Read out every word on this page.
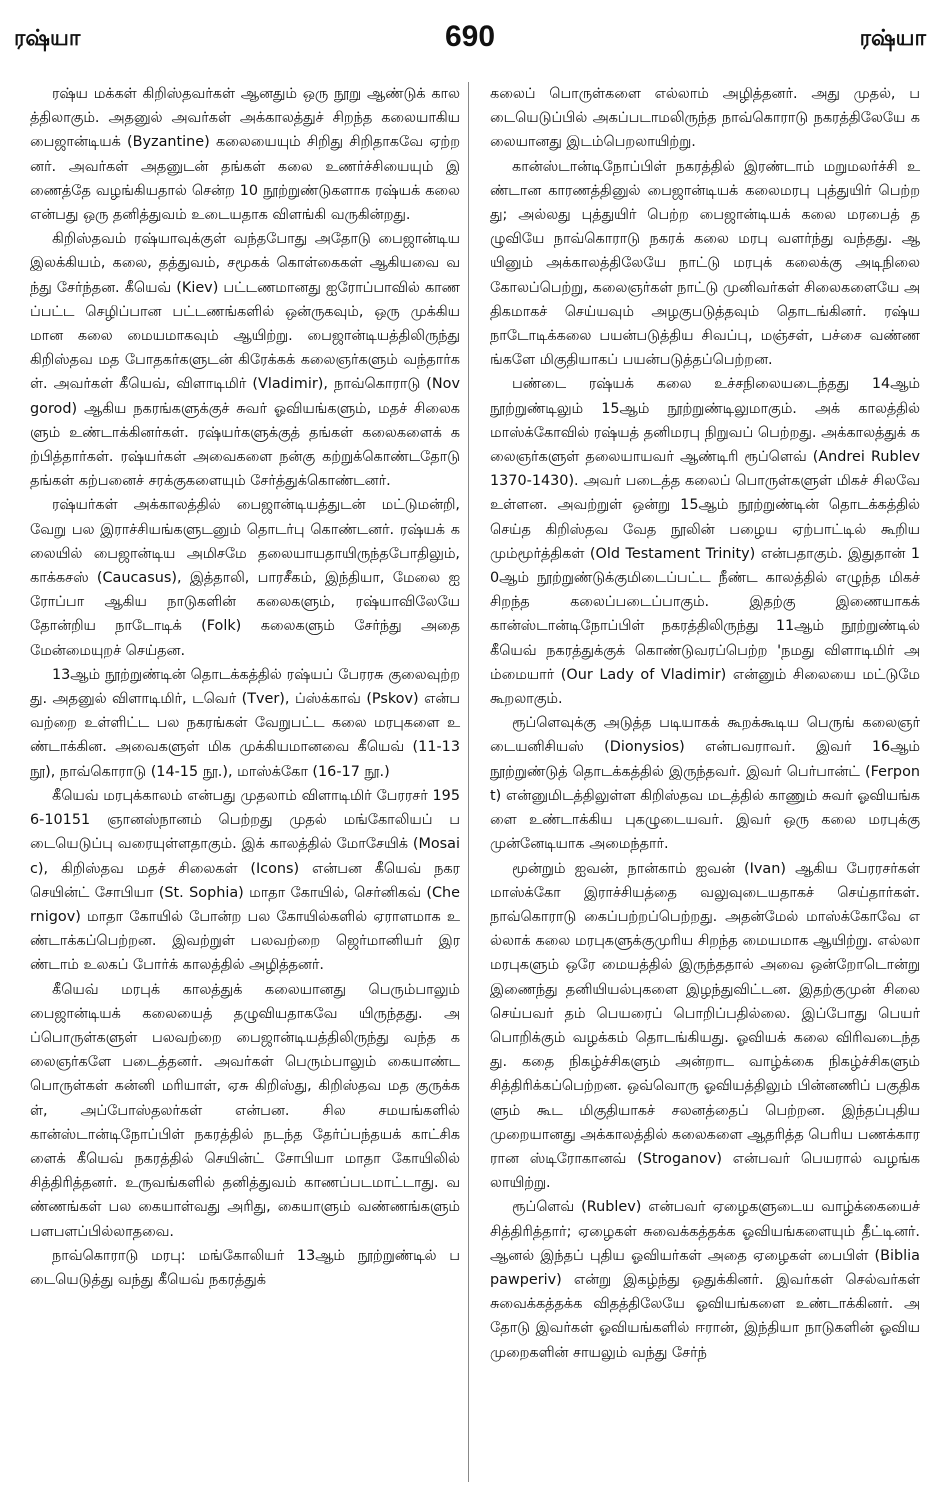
ரஷ்யா	690	ரஷ்யா

ரஷ்ய மக்கள் கிறிஸ்தவர்கள் ஆனதும் ஒரு நூறு ஆண்டுக் காலத்திலாகும். அதனுல் அவர்கள் அக்காலத்துச் சிறந்த கலையாகிய பைஜான்டியக் (Byzantine) கலையையும் சிறிது சிறிதாகவே ஏற்றனர். அவர்கள் அதனுடன் தங்கள் கலை உணர்ச்சியையும் இணைத்தே வழங்கியதால் சென்ற 10 நூற்றுண்டுகளாக ரஷ்யக் கலை என்பது ஒரு தனித்துவம் உடையதாக விளங்கி வருகின்றது.

கிறிஸ்தவம் ரஷ்யாவுக்குள் வந்தபோது அதோடு பைஜான்டிய இலக்கியம், கலை, தத்துவம், சமூகக் கொள்கைகள் ஆகியவை வந்து சேர்ந்தன. கீயெவ் (Kiev) பட்டணமானது ஐரோப்பாவில் காணப்பட்ட செழிப்பான பட்டணங்களில் ஒன்ருகவும், ஒரு முக்கியமான கலை மையமாகவும் ஆயிற்று. பைஜான்டியத்திலிருந்து கிறிஸ்தவ மத போதகர்களுடன் கிரேக்கக் கலைஞர்களும் வந்தார்கள். அவர்கள் கீயெவ், விளாடிமிர் (Vladimir), நாவ்கொராடு (Novgorod) ஆகிய நகரங்களுக்குச் சுவர் ஓவியங்களும், மதச் சிலைகளும் உண்டாக்கினர்கள். ரஷ்யர்களுக்குத் தங்கள் கலைகளைக் கற்பித்தார்கள். ரஷ்யர்கள் அவைகளை நன்கு கற்றுக்கொண்டதோடு தங்கள் கற்பனைச் சரக்குகளையும் சேர்த்துக்கொண்டனர்.

ரஷ்யர்கள் அக்காலத்தில் பைஜான்டியத்துடன் மட்டுமன்றி, வேறு பல இராச்சியங்களுடனும் தொடர்பு கொண்டனர். ரஷ்யக் கலையில் பைஜான்டிய அமிசமே தலையாயதாயிருந்தபோதிலும், காக்கசஸ் (Caucasus), இத்தாலி, பாரசீகம், இந்தியா, மேலை ஐரோப்பா ஆகிய நாடுகளின் கலைகளும், ரஷ்யாவிலேயே தோன்றிய நாடோடிக் (Folk) கலைகளும் சேர்ந்து அதை மேன்மையுறச் செய்தன.

13ஆம் நூற்றுண்டின் தொடக்கத்தில் ரஷ்யப் பேரரசு குலைவுற்றது. அதனுல் விளாடிமிர், டவெர் (Tver), ப்ஸ்க்காவ் (Pskov) என்பவற்றை உள்ளிட்ட பல நகரங்கள் வேறுபட்ட கலை மரபுகளை உண்டாக்கின. அவைகளுள் மிக முக்கியமானவை கீயெவ் (11-13 நூ), நாவ்கொராடு (14-15 நூ.), மாஸ்க்கோ (16-17 நூ.)

கீயெவ் மரபுக்காலம் என்பது முதலாம் விளாடிமிர் பேரரசர் 1956-10151 ஞானஸ்நானம் பெற்றது முதல் மங்கோலியப் படையெடுப்பு வரையுள்ளதாகும். இக் காலத்தில் மோசேயிக் (Mosaic), கிறிஸ்தவ மதச் சிலைகள் (Icons) என்பன கீயெவ் நகர செயின்ட் சோபியா (St. Sophia) மாதா கோயில், செர்னிகவ் (Chernigov) மாதா கோயில் போன்ற பல கோயில்களில் ஏராளமாக உண்டாக்கப்பெற்றன. இவற்றுள் பலவற்றை ஜெர்மானியர் இரண்டாம் உலகப் போர்க் காலத்தில் அழித்தனர்.

கீயெவ் மரபுக் காலத்துக் கலையானது பெரும்பாலும் பைஜான்டியக் கலையைத் தழுவியதாகவே யிருந்தது. அப்பொருள்களுள் பலவற்றை பைஜான்டியத்திலிருந்து வந்த கலைஞர்களே படைத்தனர். அவர்கள் பெரும்பாலும் கையாண்ட பொருள்கள் கன்னி மரியாள், ஏசு கிறிஸ்து, கிறிஸ்தவ மத குருக்கள், அப்போஸ்தலர்கள் என்பன. சில சமயங்களில் கான்ஸ்டான்டிநோப்பிள் நகரத்தில் நடந்த தேர்ப்பந்தயக் காட்சிகளைக் கீயெவ் நகரத்தில் செயின்ட் சோபியா மாதா கோயிலில் சித்திரித்தனர். உருவங்களில் தனித்துவம் காணப்படமாட்டாது. வண்ணங்கள் பல கையாள்வது அரிது, கையாளும் வண்ணங்களும் பளபளப்பில்லாதவை.

நாவ்கொராடு மரபு: மங்கோலியர் 13ஆம் நூற்றுண்டில் படையெடுத்து வந்து கீயெவ் நகரத்துக்

கலைப் பொருள்களை எல்லாம் அழித்தனர். அது முதல், படையெடுப்பில் அகப்படாமலிருந்த நாவ்கொராடு நகரத்திலேயே கலையானது இடம்பெறலாயிற்று.

கான்ஸ்டான்டிநோப்பிள் நகரத்தில் இரண்டாம் மறுமலர்ச்சி உண்டான காரணத்தினுல் பைஜான்டியக் கலைமரபு புத்துயிர் பெற்றது; அல்லது புத்துயிர் பெற்ற பைஜான்டியக் கலை மரபைத் தழுவியே நாவ்கொராடு நகரக் கலை மரபு வளர்ந்து வந்தது. ஆயினும் அக்காலத்திலேயே நாட்டு மரபுக் கலைக்கு அடிநிலை கோலப்பெற்று, கலைஞர்கள் நாட்டு முனிவர்கள் சிலைகளையே அதிகமாகச் செய்யவும் அழகுபடுத்தவும் தொடங்கினர். ரஷ்ய நாடோடிக்கலை பயன்படுத்திய சிவப்பு, மஞ்சள், பச்சை வண்ணங்களே மிகுதியாகப் பயன்படுத்தப்பெற்றன.

பண்டை ரஷ்யக் கலை உச்சநிலையடைந்தது 14ஆம் நூற்றுண்டிலும் 15ஆம் நூற்றுண்டிலுமாகும். அக் காலத்தில் மாஸ்க்கோவில் ரஷ்யத் தனிமரபு நிறுவப் பெற்றது. அக்காலத்துக் கலைஞர்களுள் தலையாயவர் ஆண்டிரி ரூப்ளெவ் (Andrei Rublev 1370-1430). அவர் படைத்த கலைப் பொருள்களுள் மிகச் சிலவே உள்ளன. அவற்றுள் ஒன்று 15ஆம் நூற்றுண்டின் தொடக்கத்தில் செய்த கிறிஸ்தவ வேத நூலின் பழைய ஏற்பாட்டில் கூறிய மும்மூர்த்திகள் (Old Testament Trinity) என்பதாகும். இதுதான் 10ஆம் நூற்றுண்டுக்குமிடைப்பட்ட நீண்ட காலத்தில் எழுந்த மிகச் சிறந்த கலைப்படைப்பாகும். இதற்கு இணையாகக் கான்ஸ்டான்டிநோப்பிள் நகரத்திலிருந்து 11ஆம் நூற்றுண்டில் கீயெவ் நகரத்துக்குக் கொண்டுவரப்பெற்ற 'நமது விளாடிமிர் அம்மையார் (Our Lady of Vladimir) என்னும் சிலையை மட்டுமே கூறலாகும்.

ரூப்ளெவுக்கு அடுத்த படியாகக் கூறக்கூடிய பெருங் கலைஞர் டையனிசியஸ் (Dionysios) என்பவராவர். இவர் 16ஆம் நூற்றுண்டுத் தொடக்கத்தில் இருந்தவர். இவர் பெர்பான்ட் (Ferpont) என்னுமிடத்திலுள்ள கிறிஸ்தவ மடத்தில் காணும் சுவர் ஓவியங்களை உண்டாக்கிய புகழுடையவர். இவர் ஒரு கலை மரபுக்கு முன்னேடியாக அமைந்தார்.

மூன்றும் ஐவன், நான்காம் ஐவன் (Ivan) ஆகிய பேரரசர்கள் மாஸ்க்கோ இராச்சியத்தை வலுவுடையதாகச் செய்தார்கள். நாவ்கொராடு கைப்பற்றப்பெற்றது. அதன்மேல் மாஸ்க்கோவே எல்லாக் கலை மரபுகளுக்குமுரிய சிறந்த மையமாக ஆயிற்று. எல்லா மரபுகளும் ஒரே மையத்தில் இருந்ததால் அவை ஒன்றோடொன்று இணைந்து தனியியல்புகளை இழந்துவிட்டன. இதற்குமுன் சிலை செய்பவர் தம் பெயரைப் பொறிப்பதில்லை. இப்போது பெயர் பொறிக்கும் வழக்கம் தொடங்கியது. ஓவியக் கலை விரிவடைந்தது. கதை நிகழ்ச்சிகளும் அன்றாட வாழ்க்கை நிகழ்ச்சிகளும் சித்திரிக்கப்பெற்றன. ஒவ்வொரு ஓவியத்திலும் பின்னணிப் பகுதிகளும் கூட மிகுதியாகச் சலனத்தைப் பெற்றன. இந்தப்புதிய முறையானது அக்காலத்தில் கலைகளை ஆதரித்த பெரிய பணக்காரரான ஸ்டிரோகானவ் (Stroganov) என்பவர் பெயரால் வழங்கலாயிற்று.

ரூப்ளெவ் (Rublev) என்பவர் ஏழைகளுடைய வாழ்க்கையைச் சித்திரித்தார்; ஏழைகள் சுவைக்கத்தக்க ஓவியங்களையும் தீட்டினர். ஆனல் இந்தப் புதிய ஓவியர்கள் அதை ஏழைகள் பைபிள் (Biblia pawperiv) என்று இகழ்ந்து ஒதுக்கினர். இவர்கள் செல்வர்கள் சுவைக்கத்தக்க விதத்திலேயே ஓவியங்களை உண்டாக்கினர். அதோடு இவர்கள் ஓவியங்களில் ஈரான், இந்தியா நாடுகளின் ஓவிய முறைகளின் சாயலும் வந்து சேர்ந்
